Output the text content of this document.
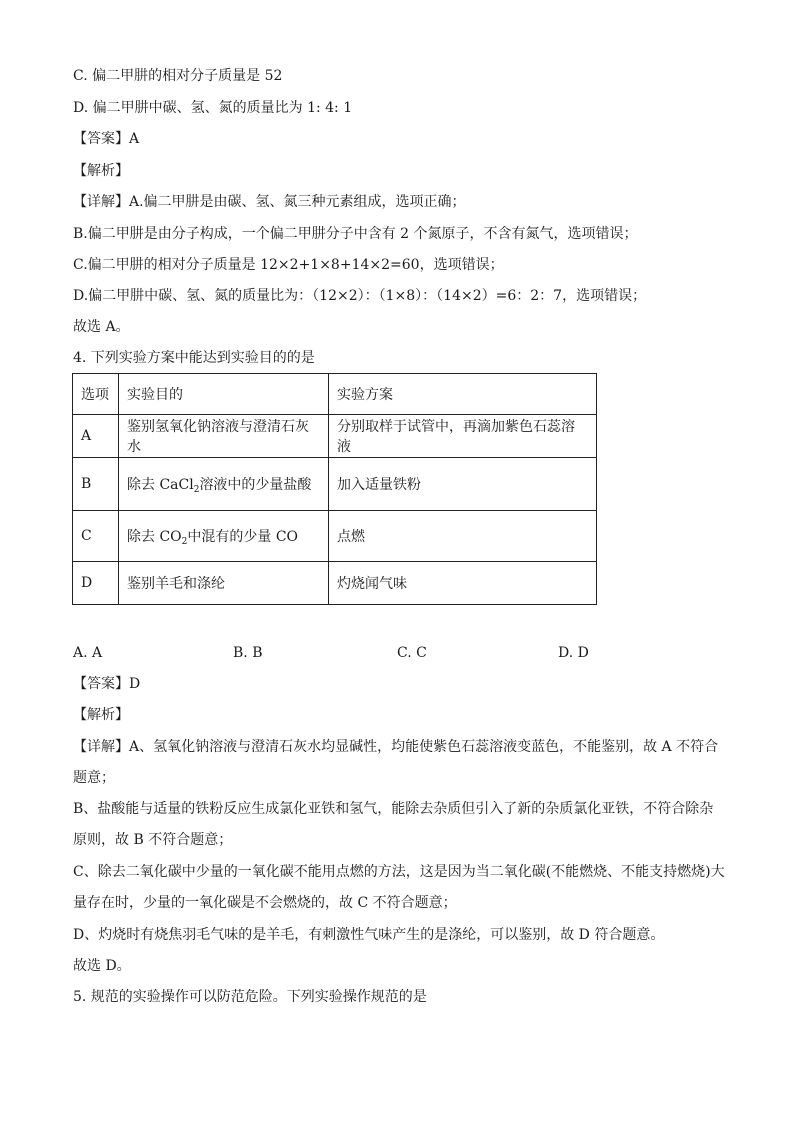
C. 偏二甲肼的相对分子质量是 52
D. 偏二甲肼中碳、氢、氮的质量比为 1: 4: 1
【答案】A
【解析】
【详解】A.偏二甲肼是由碳、氢、氮三种元素组成，选项正确；
B.偏二甲肼是由分子构成，一个偏二甲肼分子中含有 2 个氮原子，不含有氮气，选项错误；
C.偏二甲肼的相对分子质量是 12×2+1×8+14×2=60，选项错误；
D.偏二甲肼中碳、氢、氮的质量比为：（12×2）：（1×8）：（14×2）=6：2：7，选项错误；
故选 A。
4. 下列实验方案中能达到实验目的的是
选项	实验目的	实验方案
A	鉴别氢氧化钠溶液与澄清石灰水	分别取样于试管中，再滴加紫色石蕊溶液
B	除去 CaCl$_2$溶液中的少量盐酸	加入适量铁粉
C	除去 $CO_2$中混有的少量 CO	点燃
D	鉴别羊毛和涤纶	灼烧闻气味
A. A	B. B	C. C	D. D
【答案】D
【解析】
【详解】A、氢氧化钠溶液与澄清石灰水均显碱性，均能使紫色石蕊溶液变蓝色，不能鉴别，故 A 不符合
题意；
B、盐酸能与适量的铁粉反应生成氯化亚铁和氢气，能除去杂质但引入了新的杂质氯化亚铁，不符合除杂
原则，故 B 不符合题意；
C、除去二氧化碳中少量的一氧化碳不能用点燃的方法，这是因为当二氧化碳(不能燃烧、不能支持燃烧)大
量存在时，少量的一氧化碳是不会燃烧的，故 C 不符合题意；
D、灼烧时有烧焦羽毛气味的是羊毛，有刺激性气味产生的是涤纶，可以鉴别，故 D 符合题意。
故选 D。
5. 规范的实验操作可以防范危险。下列实验操作规范的是
